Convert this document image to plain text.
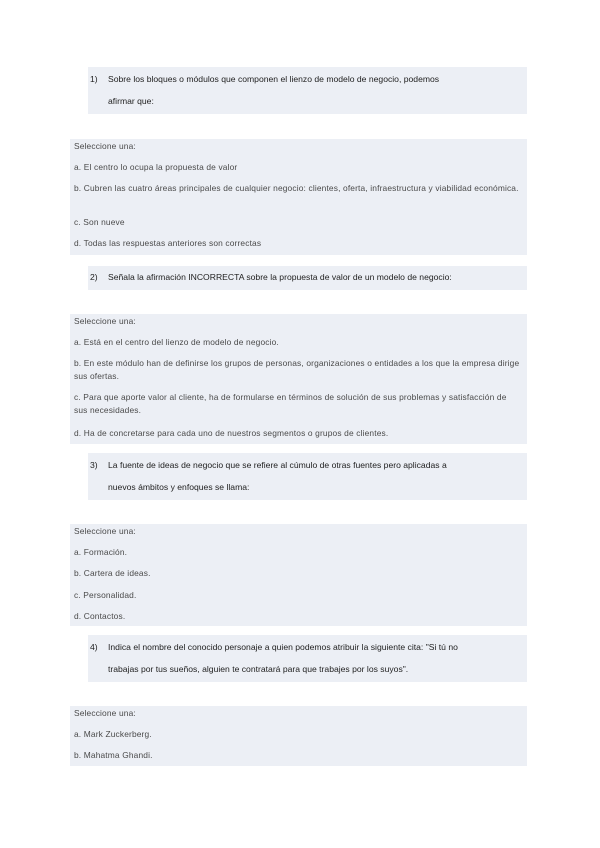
1)	Sobre los bloques o módulos que componen el lienzo de modelo de negocio, podemos
afirmar que:
Seleccione una:
a. El centro lo ocupa la propuesta de valor
b. Cubren las cuatro áreas principales de cualquier negocio: clientes, oferta, infraestructura y viabilidad económica.
c. Son nueve
d. Todas las respuestas anteriores son correctas
2)	Señala la afirmación INCORRECTA sobre la propuesta de valor de un modelo de negocio:
Seleccione una:
a. Está en el centro del lienzo de modelo de negocio.
b. En este módulo han de definirse los grupos de personas, organizaciones o entidades a los que la empresa dirige sus ofertas.
c. Para que aporte valor al cliente, ha de formularse en términos de solución de sus problemas y satisfacción de sus necesidades.
d. Ha de concretarse para cada uno de nuestros segmentos o grupos de clientes.
3)	La fuente de ideas de negocio que se refiere al cúmulo de otras fuentes pero aplicadas a
nuevos ámbitos y enfoques se llama:
Seleccione una:
a. Formación.
b. Cartera de ideas.
c. Personalidad.
d. Contactos.
4)	Indica el nombre del conocido personaje a quien podemos atribuir la siguiente cita: "Si tú no
trabajas por tus sueños, alguien te contratará para que trabajes por los suyos".
Seleccione una:
a. Mark Zuckerberg.
b. Mahatma Ghandi.
